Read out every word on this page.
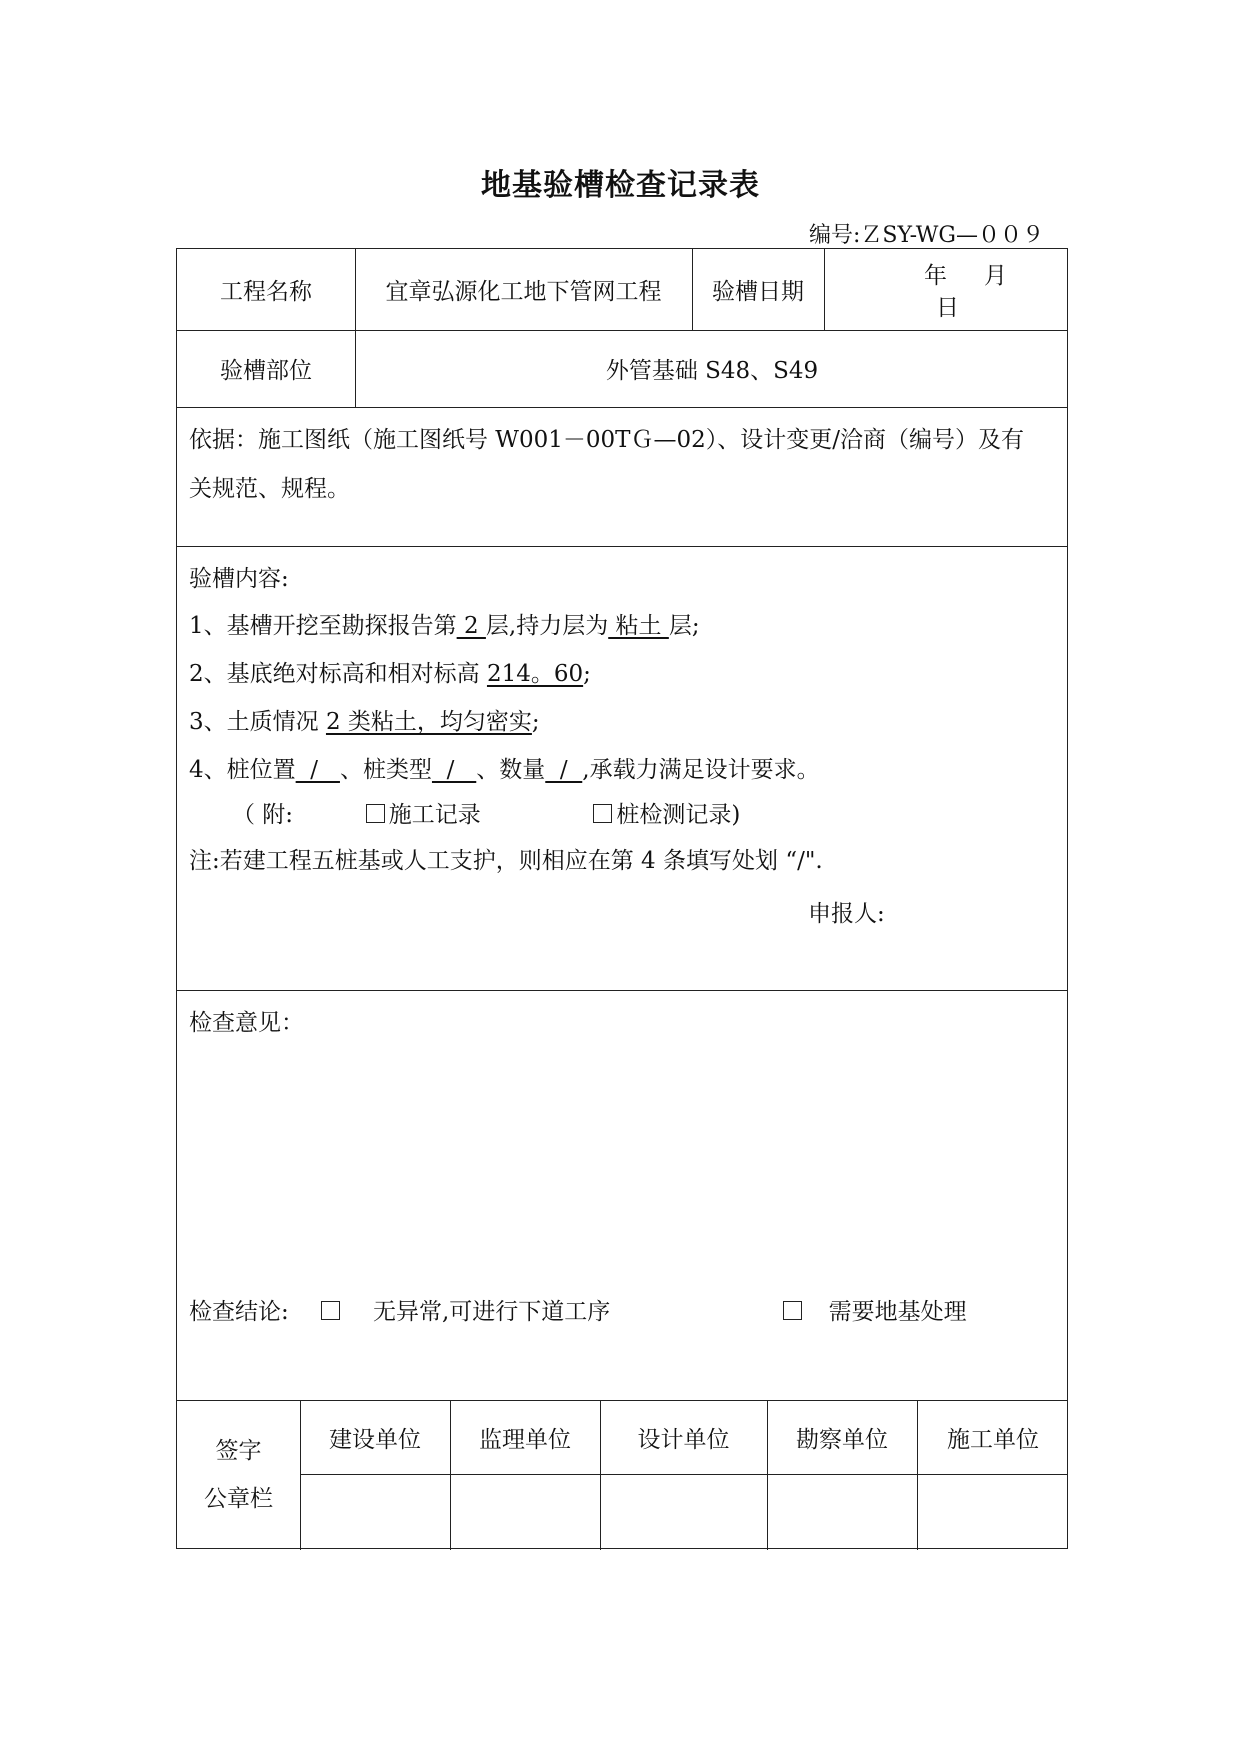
地基验槽检查记录表
编号:ＺSY-WG—００９
工程名称	宜章弘源化工地下管网工程	验槽日期
年 月
日
验槽部位	外管基础 S48、S49
依据：施工图纸（施工图纸号 W001－00TＧ—02）、设计变更/洽商（编号）及有
关规范、规程。
验槽内容:
1、基槽开挖至勘探报告第 2 层,持力层为 粘土 层;
2、基底绝对标高和相对标高 214。60;
3、土质情况 2 类粘土，均匀密实;
4、桩位置  /   、桩类型  /   、数量  /  ,承载力满足设计要求。
（ 附:	施工记录	桩检测记录)
注:若建工程五桩基或人工支护，则相应在第 4 条填写处划 “/".
申报人:
检查意见：
检查结论:	无异常,可进行下道工序	需要地基处理
签字
公章栏
建设单位	监理单位	设计单位	勘察单位	施工单位
